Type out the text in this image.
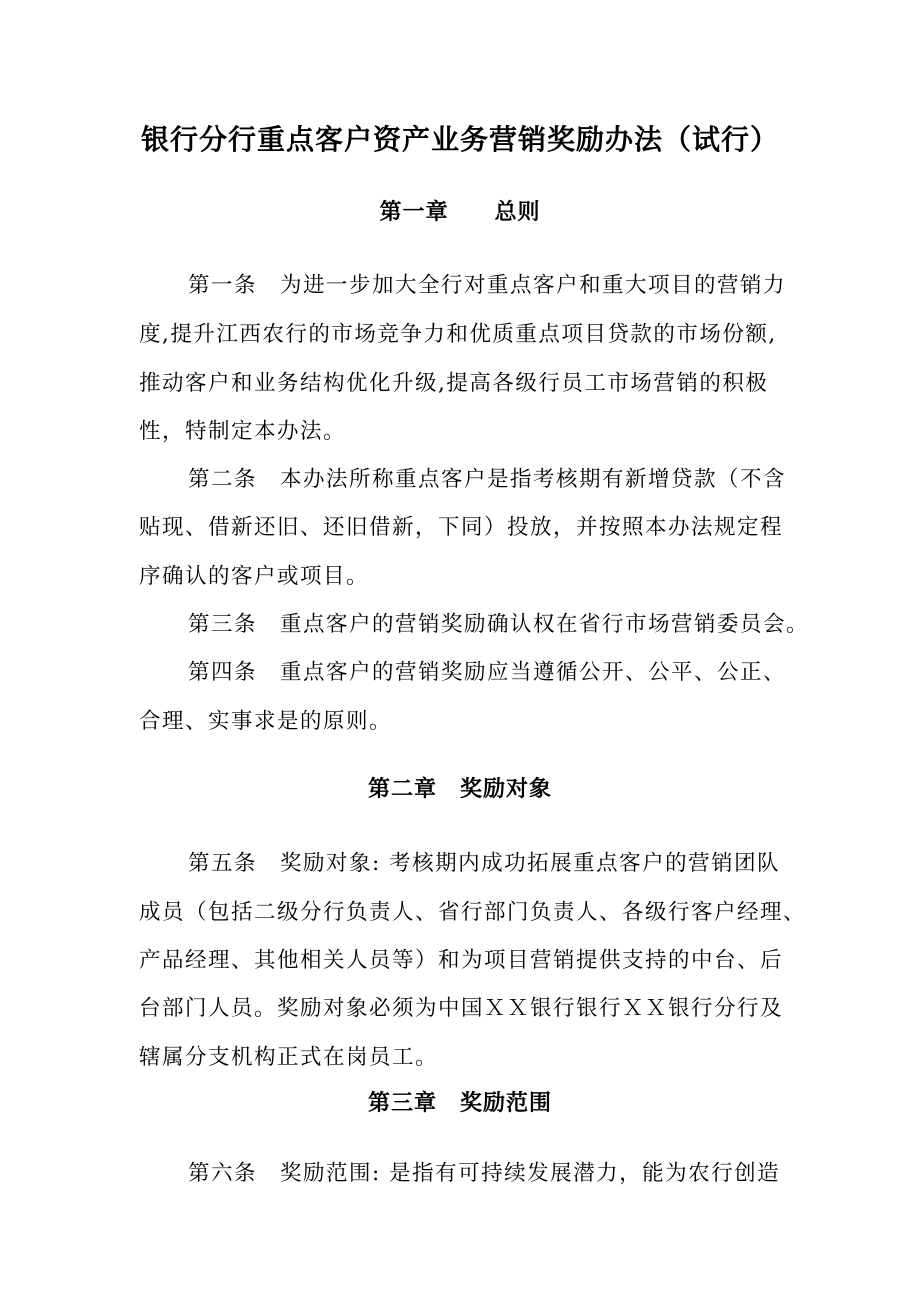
银行分行重点客户资产业务营销奖励办法（试行）
第一章　　总则
第一条　为进一步加大全行对重点客户和重大项目的营销力
度,提升江西农行的市场竞争力和优质重点项目贷款的市场份额,
推动客户和业务结构优化升级,提高各级行员工市场营销的积极
性，特制定本办法。
第二条　本办法所称重点客户是指考核期有新增贷款（不含
贴现、借新还旧、还旧借新，下同）投放，并按照本办法规定程
序确认的客户或项目。
第三条　重点客户的营销奖励确认权在省行市场营销委员会。
第四条　重点客户的营销奖励应当遵循公开、公平、公正、
合理、实事求是的原则。
第二章　奖励对象
第五条　奖励对象: 考核期内成功拓展重点客户的营销团队
成员（包括二级分行负责人、省行部门负责人、各级行客户经理、
产品经理、其他相关人员等）和为项目营销提供支持的中台、后
台部门人员。奖励对象必须为中国ＸＸ银行银行ＸＸ银行分行及
辖属分支机构正式在岗员工。
第三章　奖励范围
第六条　奖励范围: 是指有可持续发展潜力，能为农行创造
